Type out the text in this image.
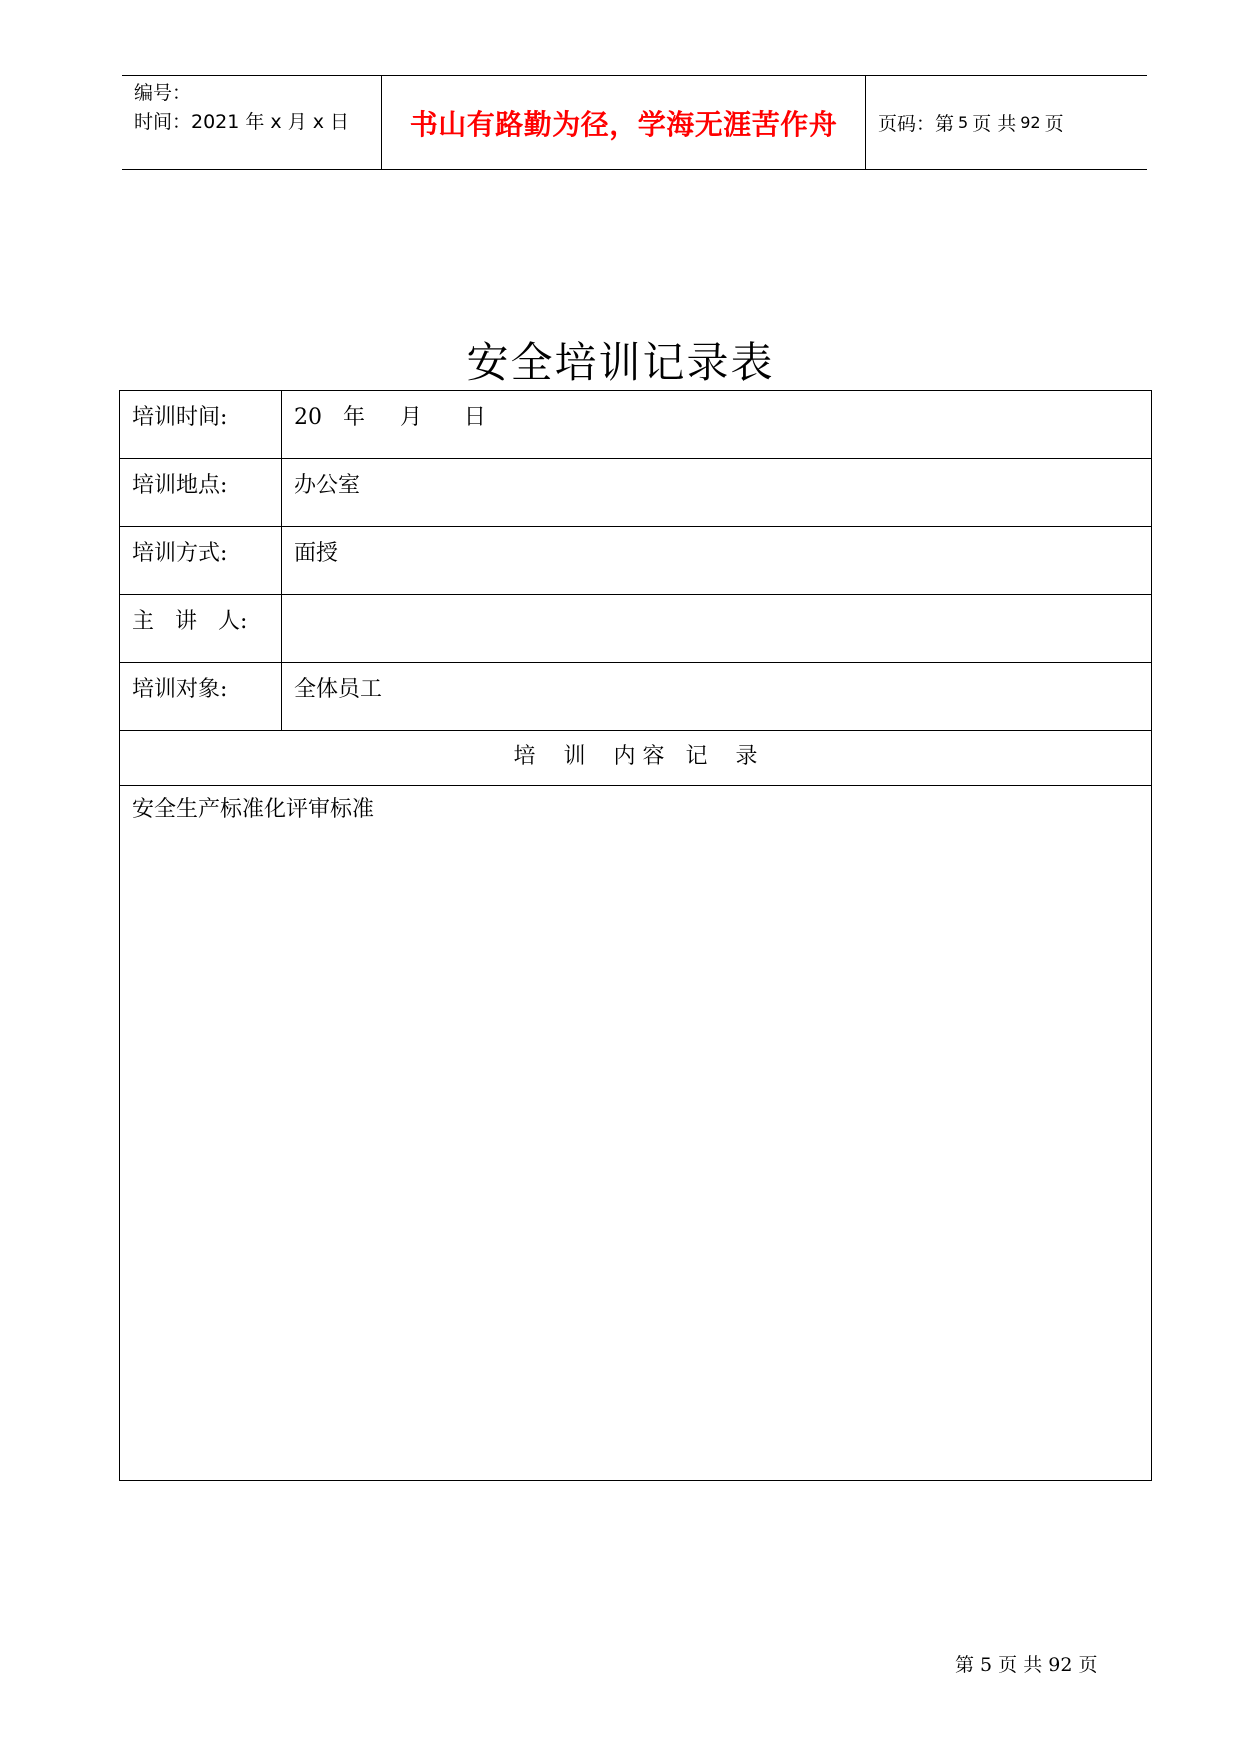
编号：
时间：2021 年 x 月 x 日	书山有路勤为径，学海无涯苦作舟	页码：第 5 页 共 92 页
安全培训记录表
培训时间:	20   年     月      日
培训地点:	办公室
培训方式:	面授
主   讲   人:
培训对象:	全体员工
培    训    内 容   记    录
安全生产标准化评审标准
第 5 页 共 92 页
